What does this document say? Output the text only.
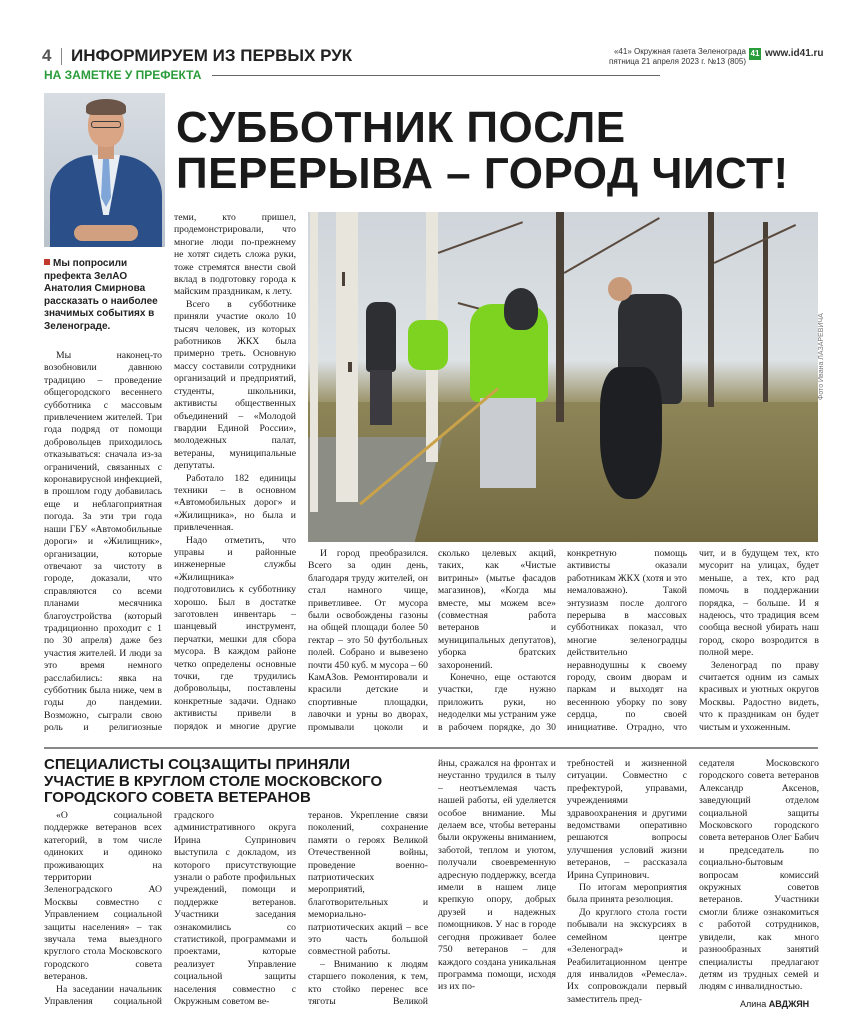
4 ИНФОРМИРУЕМ ИЗ ПЕРВЫХ РУК
НА ЗАМЕТКЕ У ПРЕФЕКТА
«41» Окружная газета Зеленограда
пятница 21 апреля 2023 г. №13 (805)
41 www.id41.ru
СУББОТНИК ПОСЛЕ
ПЕРЕРЫВА – ГОРОД ЧИСТ!
Мы попросили префекта ЗелАО Анатолия Смирнова рассказать о наиболее значимых событиях в Зеленограде.

Мы наконец-то возобновили давнюю традицию – проведение общегородского весеннего субботника с массовым привлечением жителей. Три года подряд от помощи добровольцев приходилось отказываться: сначала из-за ограничений, связанных с коронавирусной инфекцией, в прошлом году добавилась еще и неблагоприятная погода. За эти три года наши ГБУ «Автомобильные дороги» и «Жилищник», организации, которые отвечают за чистоту в городе, доказали, что справляются со всеми планами месячника благоустройства (который традиционно проходит с 1 по 30 апреля) даже без участия жителей. И люди за это время немного расслабились: явка на субботник была ниже, чем в годы до пандемии. Возможно, сыграли свою роль и религиозные

теми, кто пришел, продемонстрировали, что многие люди по-прежнему не хотят сидеть сложа руки, тоже стремятся внести свой вклад в подготовку города к майским праздникам, к лету.

Всего в субботнике приняли участие около 10 тысяч человек, из которых работников ЖКХ была примерно треть. Основную массу составили сотрудники организаций и предприятий, студенты, школьники, активисты общественных объединений – «Молодой гвардии Единой России», молодежных палат, ветераны, муниципальные депутаты.

Работало 182 единицы техники – в основном «Автомобильных дорог» и «Жилищника», но была и привлеченная.

Надо отметить, что управы и районные инженерные службы «Жилищника» подготовились к субботнику хорошо. Был в достатке заготовлен инвентарь – шанцевый инструмент, перчатки, мешки для сбора мусора. В каждом районе четко определены основные точки, где трудились добровольцы, поставлены конкретные задачи. Однако активисты привели в порядок и многие другие

Фото Ивана ЛАЗАРЕВИЧА

И город преобразился. Всего за один день, благодаря труду жителей, он стал намного чище, приветливее. От мусора были освобождены газоны на общей площади более 50 гектар – это 50 футбольных полей. Собрано и вывезено почти 450 куб. м мусора – 60 КамАЗов. Ремонтировали и красили детские и спортивные площадки, лавочки и урны во дворах, промывали цоколи и

сколько целевых акций, таких, как «Чистые витрины» (мытье фасадов магазинов), «Когда мы вместе, мы можем все» (совместная работа ветеранов и муниципальных депутатов), уборка братских захоронений.

Конечно, еще остаются участки, где нужно приложить руки, но недоделки мы устраним уже в рабочем порядке, до 30

конкретную помощь активисты оказали работникам ЖКХ (хотя и это немаловажно). Такой энтузиазм после долгого перерыва в массовых субботниках показал, что многие зеленоградцы действительно неравнодушны к своему городу, своим дворам и паркам и выходят на весеннюю уборку по зову сердца, по своей инициативе. Отрадно, что

чит, и в будущем тех, кто мусорит на улицах, будет меньше, а тех, кто рад помочь в поддержании порядка, – больше. И я надеюсь, что традиция всем сообща весной убирать наш город, скоро возродится в полной мере.

Зеленоград по праву считается одним из самых красивых и уютных округов Москвы. Радостно видеть, что к праздникам он будет чистым и ухоженным.

СПЕЦИАЛИСТЫ СОЦЗАЩИТЫ ПРИНЯЛИ УЧАСТИЕ В КРУГЛОМ СТОЛЕ МОСКОВСКОГО ГОРОДСКОГО СОВЕТА ВЕТЕРАНОВ

«О социальной поддержке ветеранов всех категорий, в том числе одиноких и одиноко проживающих на территории Зеленоградского АО Москвы совместно с Управлением социальной защиты населения» – так звучала тема выездного круглого стола Московского городского совета ветеранов.

На заседании начальник Управления социальной

градского административного округа Ирина Супринович выступила с докладом, из которого присутствующие узнали о работе профильных учреждений, помощи и поддержке ветеранов. Участники заседания ознакомились со статистикой, программами и проектами, которые реализует Управление социальной защиты населения совместно с Окружным советом ве-

теранов. Укрепление связи поколений, сохранение памяти о героях Великой Отечественной войны, проведение военно-патриотических мероприятий, благотворительных и мемориально-патриотических акций – все это часть большой совместной работы.

– Вниманию к людям старшего поколения, к тем, кто стойко перенес все тяготы Великой

йны, сражался на фронтах и неустанно трудился в тылу – неотъемлемая часть нашей работы, ей уделяется особое внимание. Мы делаем все, чтобы ветераны были окружены вниманием, заботой, теплом и уютом, получали своевременную адресную поддержку, всегда имели в нашем лице крепкую опору, добрых друзей и надежных помощников. У нас в городе сегодня проживает более 750 ветеранов – для каждого создана уникальная программа помощи, исходя из их по-

требностей и жизненной ситуации. Совместно с префектурой, управами, учреждениями здравоохранения и другими ведомствами оперативно решаются вопросы улучшения условий жизни ветеранов, – рассказала Ирина Супринович.

По итогам мероприятия была принята резолюция.

До круглого стола гости побывали на экскурсиях в семейном центре «Зеленоград» и Реабилитационном центре для инвалидов «Ремесла». Их сопровождали первый заместитель пред-

седателя Московского городского совета ветеранов Александр Аксенов, заведующий отделом социальной защиты Московского городского совета ветеранов Олег Бабич и председатель по социально-бытовым вопросам комиссий окружных советов ветеранов. Участники смогли ближе ознакомиться с работой сотрудников, увидели, как много разнообразных занятий специалисты предлагают детям из трудных семей и людям с инвалидностью.

Алина АВДЖЯН
